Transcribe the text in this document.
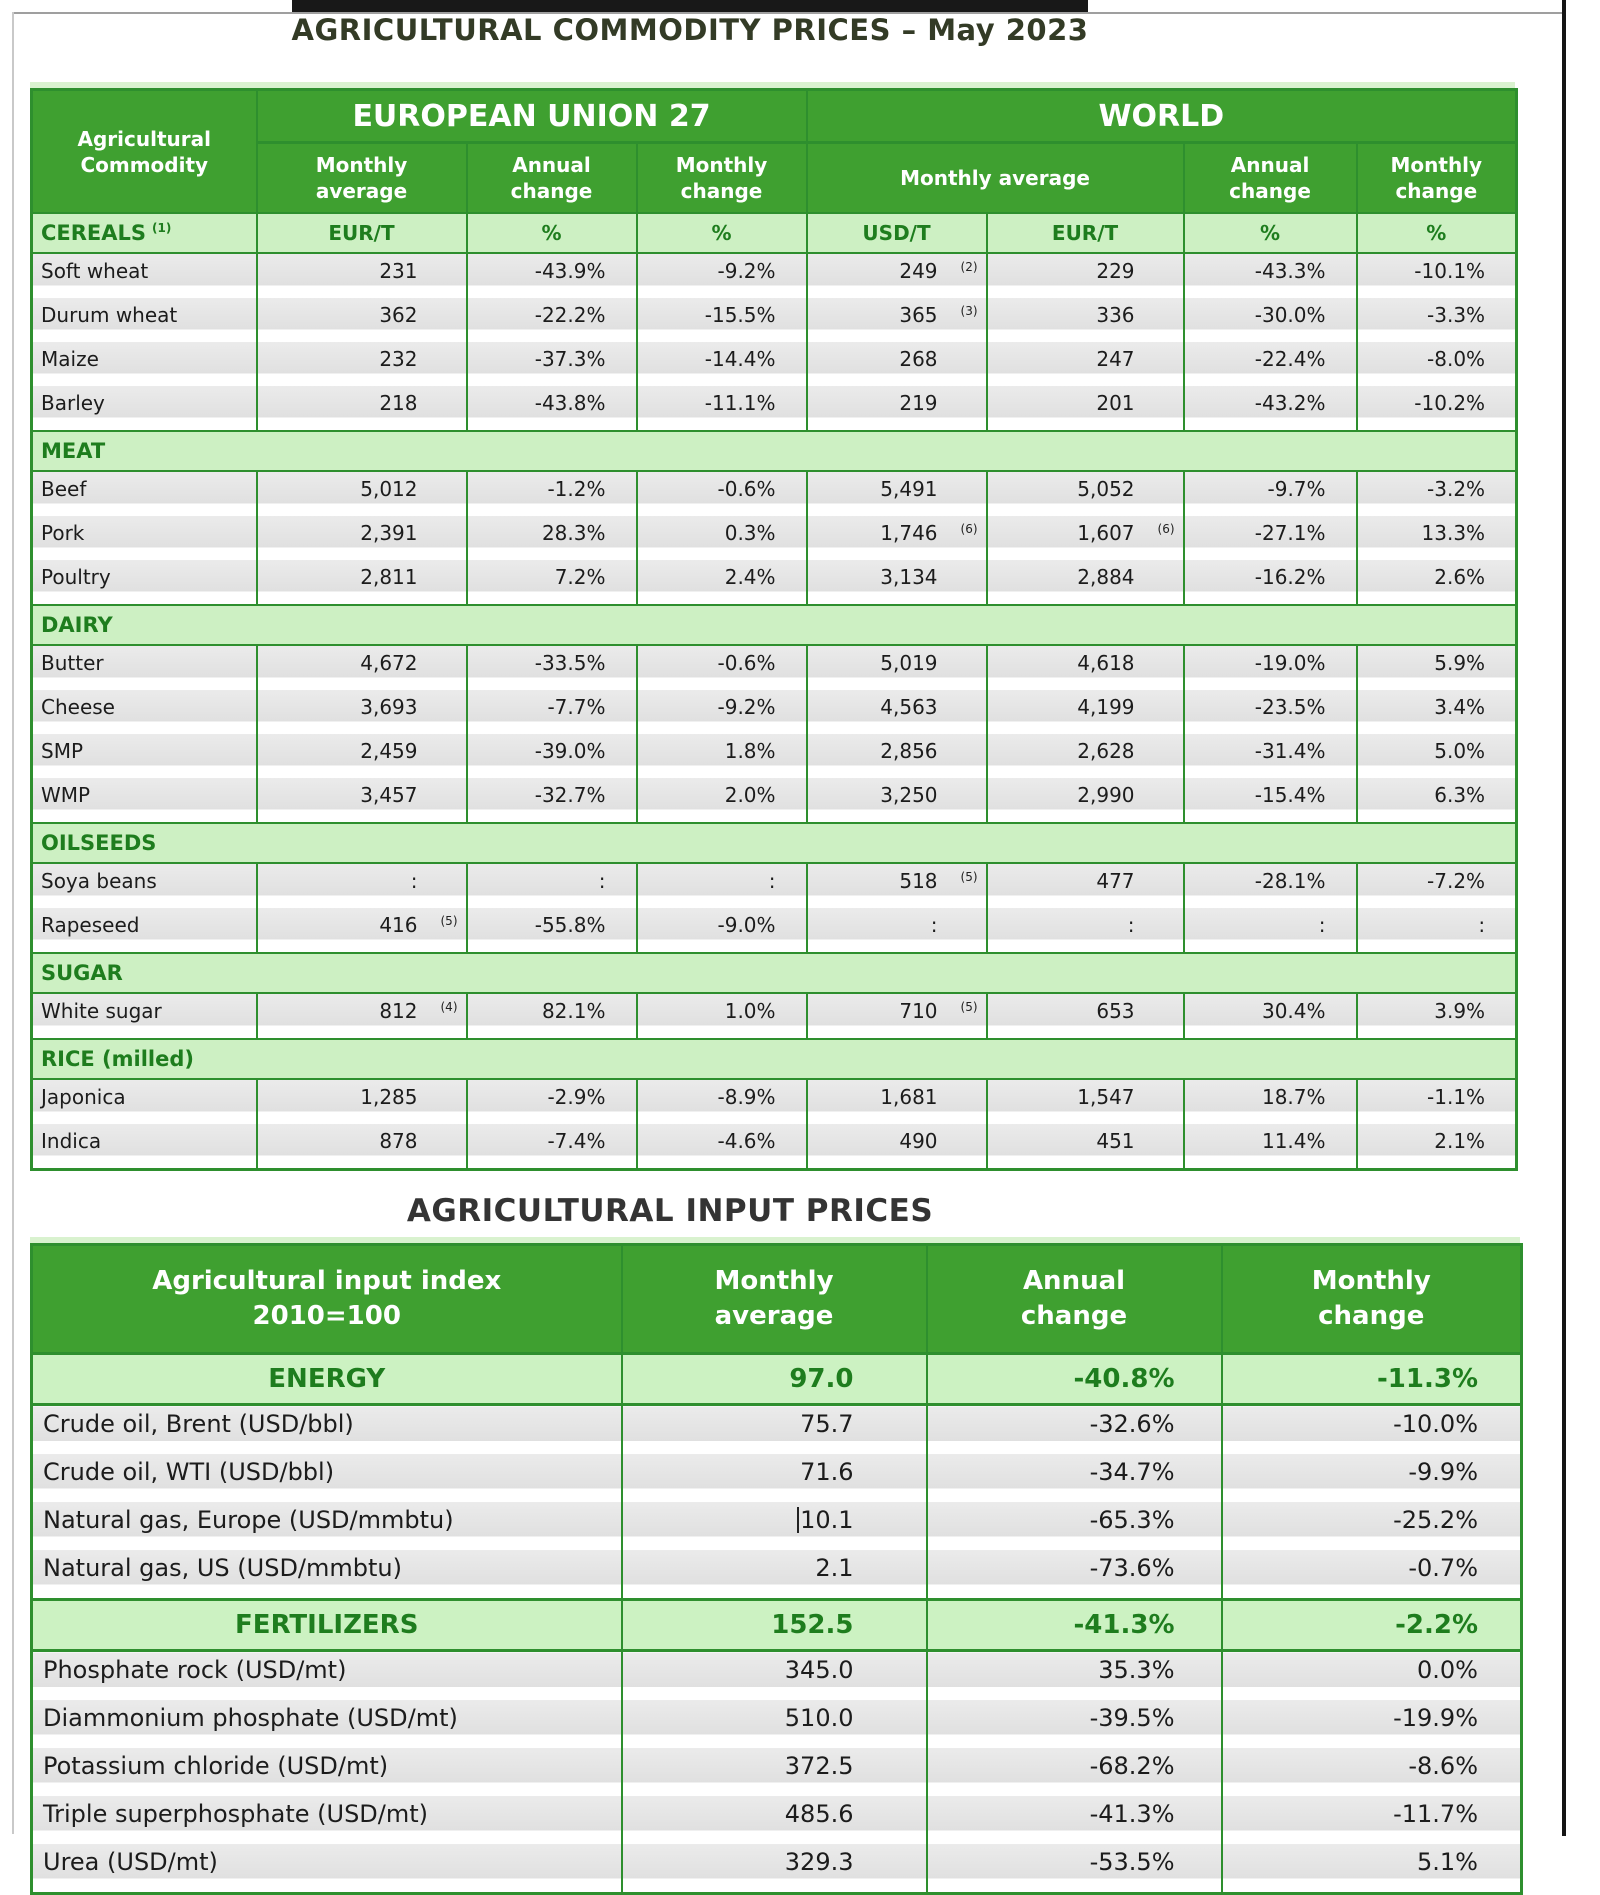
AGRICULTURAL COMMODITY PRICES – May 2023
Agricultural Commodity	EUROPEAN UNION 27			WORLD			
	Monthly average	Annual change	Monthly change	Monthly average		Annual change	Monthly change
CEREALS $^{(1)}$	EUR/T	%	%	USD/T	EUR/T	%	%
Soft wheat	231	-43.9%	-9.2%	249 (2)	229	-43.3%	-10.1%
Durum wheat	362	-22.2%	-15.5%	365 (3)	336	-30.0%	-3.3%
Maize	232	-37.3%	-14.4%	268	247	-22.4%	-8.0%
Barley	218	-43.8%	-11.1%	219	201	-43.2%	-10.2%
MEAT							
Beef	5,012	-1.2%	-0.6%	5,491	5,052	-9.7%	-3.2%
Pork	2,391	28.3%	0.3%	1,746 (6)	1,607 (6)	-27.1%	13.3%
Poultry	2,811	7.2%	2.4%	3,134	2,884	-16.2%	2.6%
DAIRY							
Butter	4,672	-33.5%	-0.6%	5,019	4,618	-19.0%	5.9%
Cheese	3,693	-7.7%	-9.2%	4,563	4,199	-23.5%	3.4%
SMP	2,459	-39.0%	1.8%	2,856	2,628	-31.4%	5.0%
WMP	3,457	-32.7%	2.0%	3,250	2,990	-15.4%	6.3%
OILSEEDS							
Soya beans	:	:	:	518 (5)	477	-28.1%	-7.2%
Rapeseed	416 (5)	-55.8%	-9.0%	:	:	:	:
SUGAR							
White sugar	812 (4)	82.1%	1.0%	710 (5)	653	30.4%	3.9%
RICE (milled)							
Japonica	1,285	-2.9%	-8.9%	1,681	1,547	18.7%	-1.1%
Indica	878	-7.4%	-4.6%	490	451	11.4%	2.1%
AGRICULTURAL INPUT PRICES
Agricultural input index 2010=100	Monthly average	Annual change	Monthly change
ENERGY	97.0	-40.8%	-11.3%
Crude oil, Brent (USD/bbl)	75.7	-32.6%	-10.0%
Crude oil, WTI (USD/bbl)	71.6	-34.7%	-9.9%
Natural gas, Europe (USD/mmbtu)	10.1	-65.3%	-25.2%
Natural gas, US (USD/mmbtu)	2.1	-73.6%	-0.7%
FERTILIZERS	152.5	-41.3%	-2.2%
Phosphate rock (USD/mt)	345.0	35.3%	0.0%
Diammonium phosphate (USD/mt)	510.0	-39.5%	-19.9%
Potassium chloride (USD/mt)	372.5	-68.2%	-8.6%
Triple superphosphate (USD/mt)	485.6	-41.3%	-11.7%
Urea (USD/mt)	329.3	-53.5%	5.1%
